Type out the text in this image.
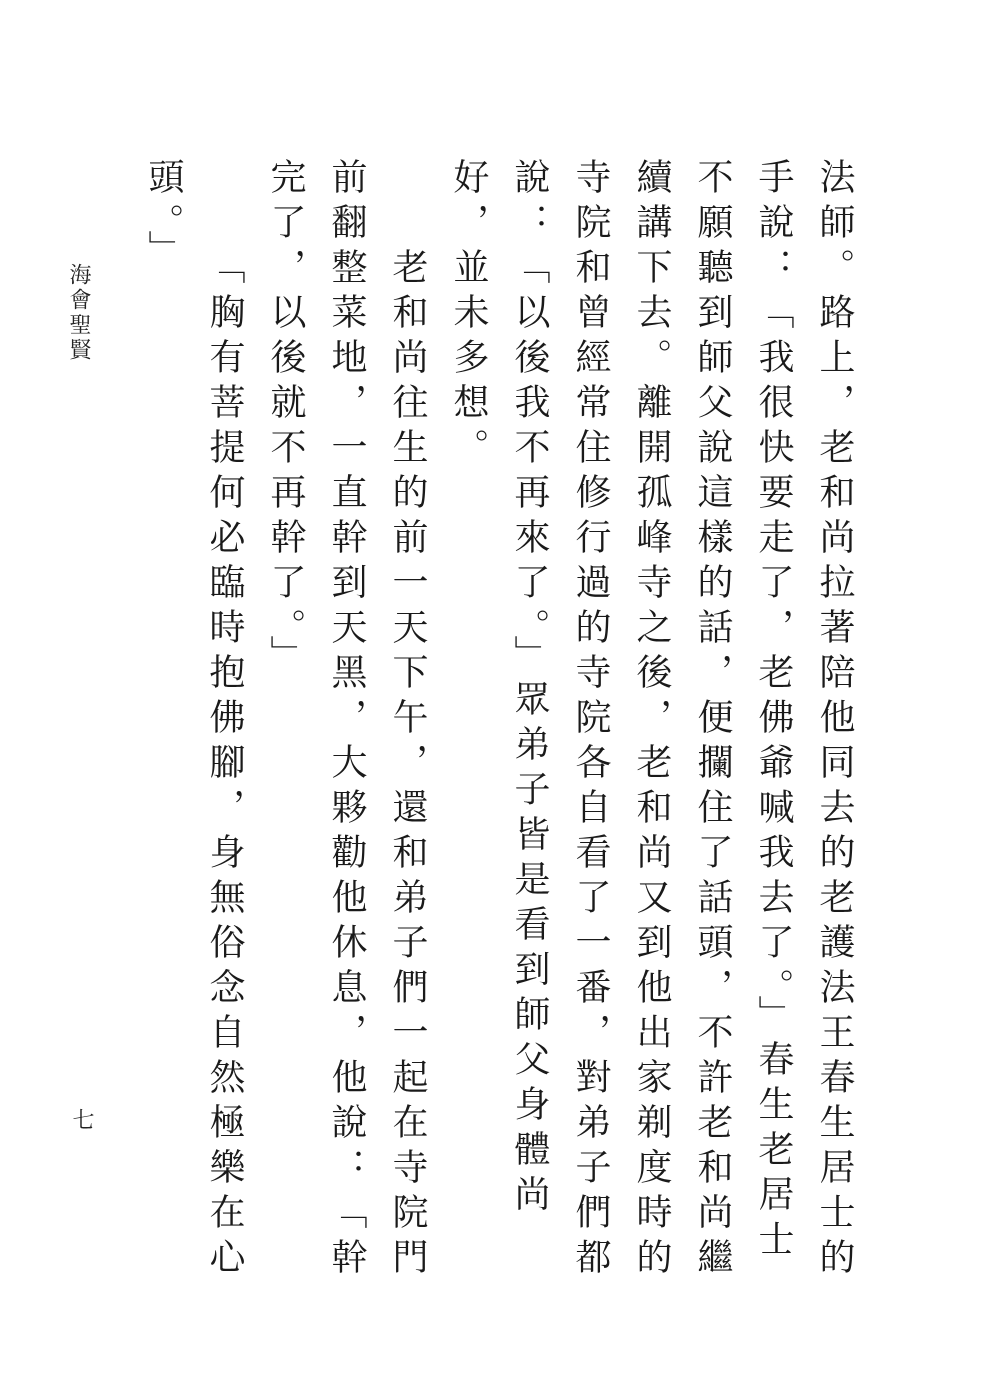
法師。路上，老和尚拉著陪他同去的老護法王春生居士的手說：「我很快要走了，老佛爺喊我去了。」春生老居士不願聽到師父說這樣的話，便攔住了話頭，不許老和尚繼續講下去。離開孤峰寺之後，老和尚又到他出家剃度時的寺院和曾經常住修行過的寺院各自看了一番，對弟子們都說：「以後我不再來了。」眾弟子皆是看到師父身體尚好，並未多想。

老和尚往生的前一天下午，還和弟子們一起在寺院門前翻整菜地，一直幹到天黑，大夥勸他休息，他說：「幹完了，以後就不再幹了。」

「胸有菩提何必臨時抱佛腳，身無俗念自然極樂在心頭。」

海會聖賢
七
